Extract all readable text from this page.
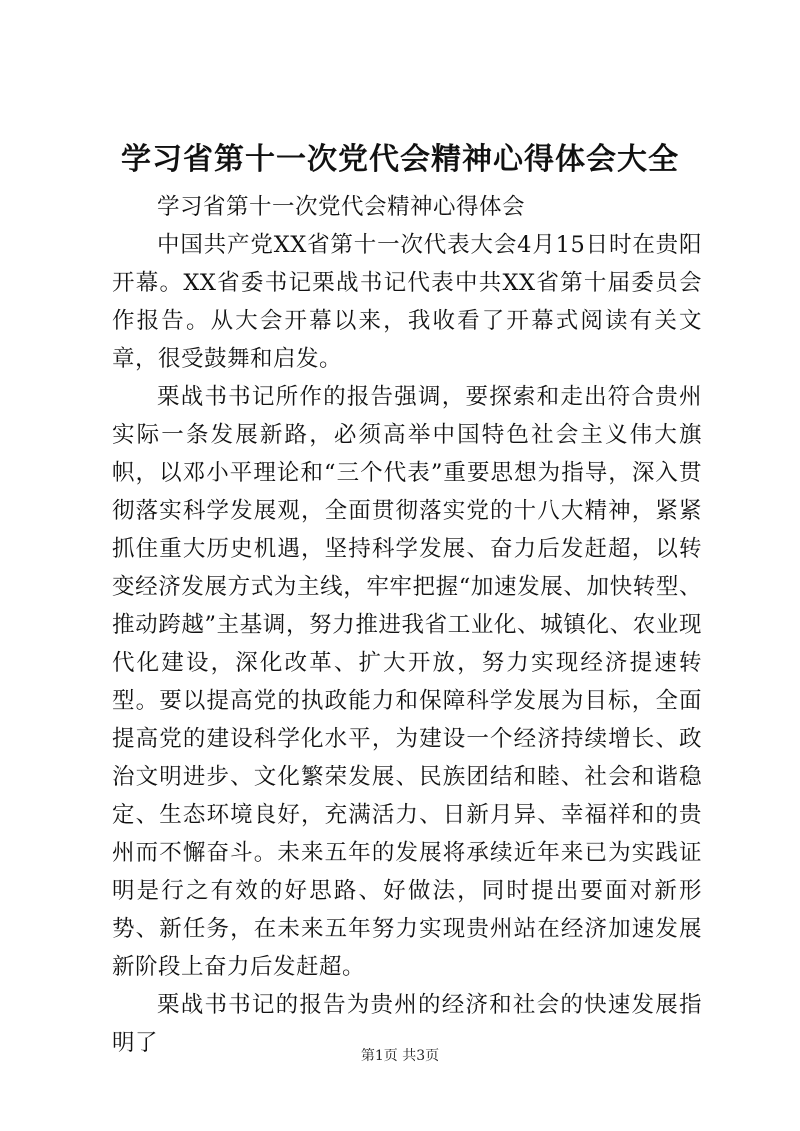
学习省第十一次党代会精神心得体会大全

学习省第十一次党代会精神心得体会

中国共产党XX省第十一次代表大会4月15日时在贵阳开幕。XX省委书记栗战书记代表中共XX省第十届委员会作报告。从大会开幕以来，我收看了开幕式阅读有关文章，很受鼓舞和启发。

栗战书书记所作的报告强调，要探索和走出符合贵州实际一条发展新路，必须高举中国特色社会主义伟大旗帜，以邓小平理论和“三个代表”重要思想为指导，深入贯彻落实科学发展观，全面贯彻落实党的十八大精神，紧紧抓住重大历史机遇，坚持科学发展、奋力后发赶超，以转变经济发展方式为主线，牢牢把握“加速发展、加快转型、推动跨越”主基调，努力推进我省工业化、城镇化、农业现代化建设，深化改革、扩大开放，努力实现经济提速转型。要以提高党的执政能力和保障科学发展为目标，全面提高党的建设科学化水平，为建设一个经济持续增长、政治文明进步、文化繁荣发展、民族团结和睦、社会和谐稳定、生态环境良好，充满活力、日新月异、幸福祥和的贵州而不懈奋斗。未来五年的发展将承续近年来已为实践证明是行之有效的好思路、好做法，同时提出要面对新形势、新任务，在未来五年努力实现贵州站在经济加速发展新阶段上奋力后发赶超。

栗战书书记的报告为贵州的经济和社会的快速发展指明了	第1页 共3页
